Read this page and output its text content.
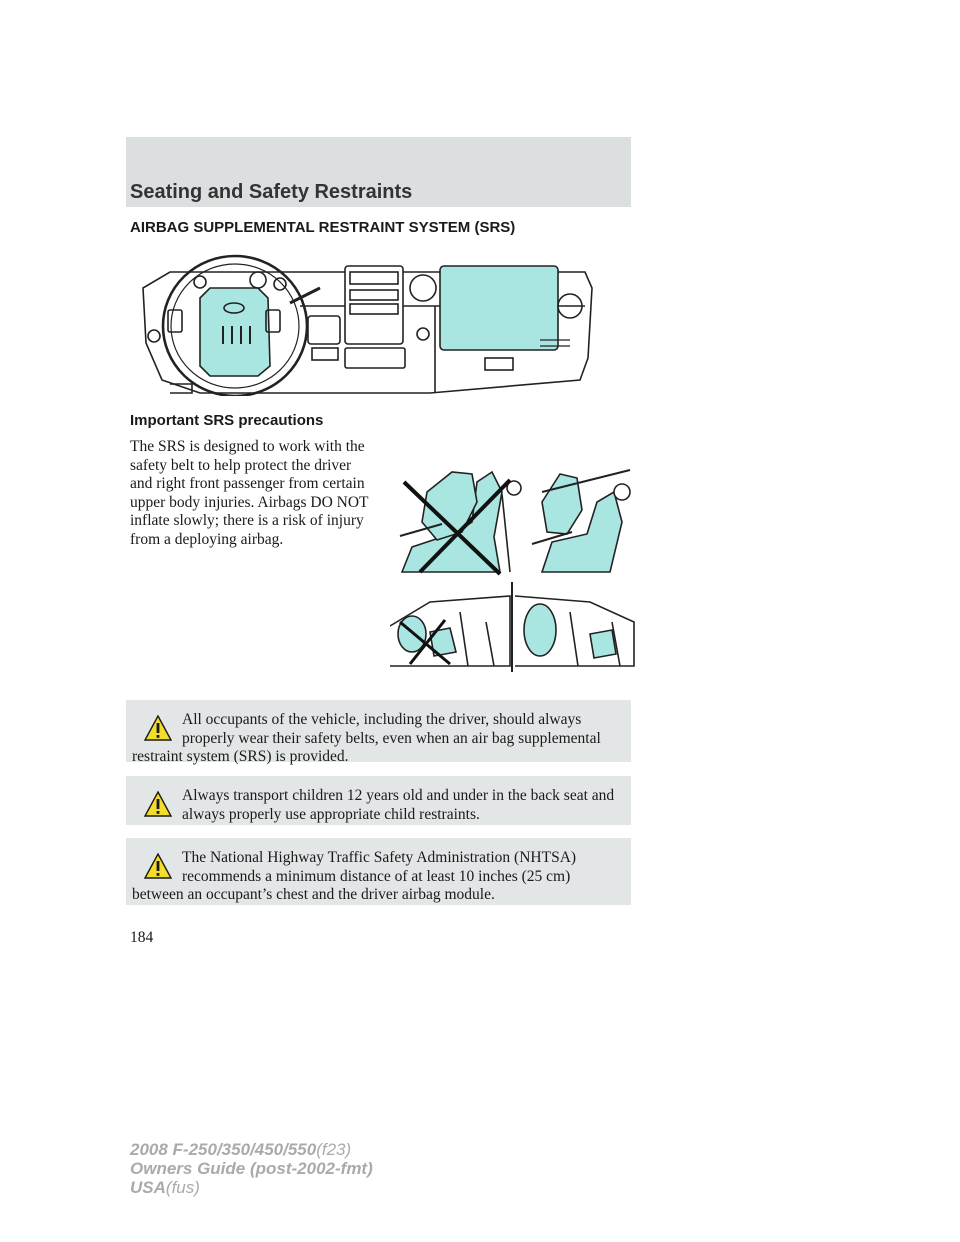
Seating and Safety Restraints
AIRBAG SUPPLEMENTAL RESTRAINT SYSTEM (SRS)
Important SRS precautions
The SRS is designed to work with the safety belt to help protect the driver and right front passenger from certain upper body injuries. Airbags DO NOT inflate slowly; there is a risk of injury from a deploying airbag.
All occupants of the vehicle, including the driver, should always properly wear their safety belts, even when an air bag supplemental restraint system (SRS) is provided.
Always transport children 12 years old and under in the back seat and always properly use appropriate child restraints.
The National Highway Traffic Safety Administration (NHTSA) recommends a minimum distance of at least 10 inches (25 cm) between an occupant’s chest and the driver airbag module.
184
2008 F-250/350/450/550(f23)
Owners Guide (post-2002-fmt)
USA(fus)
